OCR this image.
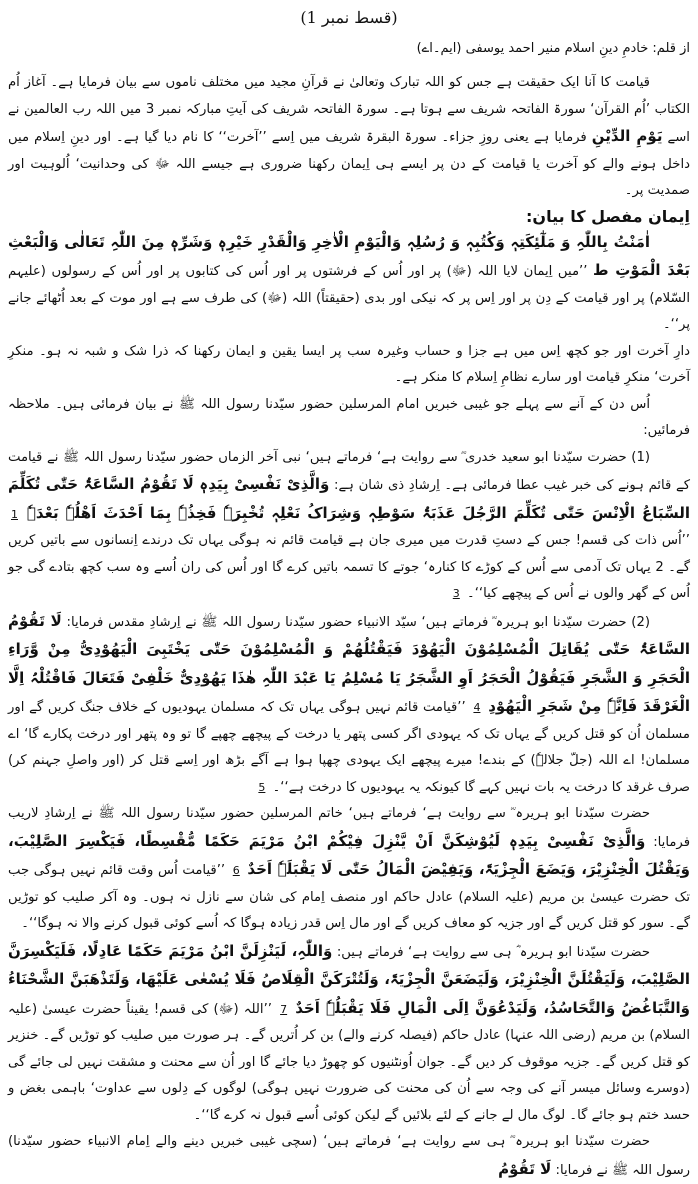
(قسط نمبر 1)
از قلم: خادمِ دینِ اسلام منیر احمد یوسفی (ایم۔اے)

قیامت کا آنا ایک حقیقت ہے جس کو اللہ تبارک وتعالیٰ نے قرآنِ مجید میں مختلف ناموں سے بیان فرمایا ہے۔ آغاز اُم الکتاب ’اُم القرآن‘ سورۃ الفاتحہ شریف سے ہوتا ہے۔ سورۃ الفاتحہ شریف کی آیتِ مبارکہ نمبر 3 میں اللہ رب العالمین نے اسے یَوْمِ الدِّیْنِ فرمایا ہے یعنی روزِ جزاء۔ سورۃ البقرۃ شریف میں اِسے ’’آخرت‘‘ کا نام دیا گیا ہے۔ اور دینِ اِسلام میں داخل ہونے والے کو آخرت یا قیامت کے دن پر ایسے ہی اِیمان رکھنا ضروری ہے جیسے اللہ ﷻ کی وحدانیت‘ اُلوہیت اور صمدیت پر۔

اِیمان مفصل کا بیان:

اٰمَنْتُ بِاللّٰہِ وَ مَلٰٓئِکَتِہٖ وَکُتُبِہٖ وَ رُسُلِہٖ وَالْیَوْمِ الْاٰخِرِ وَالْقَدْرِ خَیْرِہٖ وَشَرِّہٖ مِنَ اللّٰہِ تَعَالٰی وَالْبَعْثِ بَعْدَ الْمَوْتِ ط ’’میں اِیمان لایا اللہ (ﷻ) پر اور اُس کے فرشتوں پر اور اُس کی کتابوں پر اور اُس کے رسولوں (علیہم السّلام) پر اور قیامت کے دِن پر اور اِس پر کہ نیکی اور بدی (حقیقتاً) اللہ (ﷻ) کی طرف سے ہے اور موت کے بعد اُٹھائے جانے پر‘‘۔

دارِ آخرت اور جو کچھ اِس میں ہے جزا و حساب وغیرہ سب پر ایسا یقین و ایمان رکھنا کہ ذرا شک و شبہ نہ ہو۔ منکرِ آخرت‘ منکرِ قیامت اور سارے نظامِ اِسلام کا منکر ہے۔

اُس دن کے آنے سے پہلے جو غیبی خبریں امام المرسلین حضور سیّدنا رسول اللہ ﷺ نے بیان فرمائی ہیں۔ ملاحظہ فرمائیں:

(1) حضرت سیّدنا ابو سعید خدری ؓ سے روایت ہے‘ فرماتے ہیں‘ نبی آخر الزماں حضور سیّدنا رسول اللہ ﷺ نے قیامت کے قائم ہونے کی خبر غیب عطا فرمائی ہے۔ اِرشادِ ذی شان ہے: وَالَّذِیْ نَفْسِیْ بِیَدِہٖ لَا تَقُوْمُ السَّاعَۃُ حَتّٰی تُکَلِّمَ السِّبَاعُ الْاِنْسَ حَتّٰی تُکَلِّمَ الرَّجُلَ عَذَبَۃُ سَوْطِہٖ وَشِرَاکُ نَعْلِہٖ تُخْبِرَہٗ فَخِذُہٗ بِمَا اَحْدَثَ اَھْلُہٗ بَعْدَہٗ 1 ’’اُس ذات کی قسم! جس کے دستِ قدرت میں میری جان ہے قیامت قائم نہ ہوگی یہاں تک درندے اِنسانوں سے باتیں کریں گے۔ 2 یہاں تک آدمی سے اُس کے کوڑے کا کنارہ‘ جوتے کا تسمہ باتیں کرے گا اور اُس کی ران اُسے وہ سب کچھ بتادے گی جو اُس کے گھر والوں نے اُس کے پیچھے کیا‘‘۔ 3

(2) حضرت سیّدنا ابو ہریرہ ؓ فرماتے ہیں‘ سیّد الانبیاء حضور سیّدنا رسول اللہ ﷺ نے اِرشادِ مقدس فرمایا: لَا تَقُوْمُ السَّاعَۃُ حَتّٰی یُقَاتِلَ الْمُسْلِمُوْنَ الْیَھُوْدَ فَیَقْتُلُھُمْ وَ الْمُسْلِمُوْنَ حَتّٰی یَخْتَبِیَ الْیَھُوْدِیُّ مِنْ وَّرَاءِ الْحَجَرِ وَ الشَّجَرِ فَیَقُوْلُ الْحَجَرُ اَوِ الشَّجَرُ یَا مُسْلِمُ یَا عَبْدَ اللّٰہِ ھٰذَا یَھُوْدِیٌّ خَلْفِیْ فَتَعَالَ فَاقْتُلْہُ اِلَّا الْغَرْقَدَ فَاِنَّہٗ مِنْ شَجَرِ الْیَھُوْدِ 4 ’’قیامت قائم نہیں ہوگی یہاں تک کہ مسلمان یہودیوں کے خلاف جنگ کریں گے اور مسلمان اُن کو قتل کریں گے یہاں تک کہ یہودی اگر کسی پتھر یا درخت کے پیچھے چھپے گا تو وہ پتھر اور درخت پکارے گا‘ اے مسلمان! اے اللہ (جلّ جلالہٗ) کے بندے! میرے پیچھے ایک یہودی چھپا ہوا ہے آگے بڑھ اور اِسے قتل کر (اور واصلِ جہنم کر) صرف غرقد کا درخت یہ بات نہیں کہے گا کیونکہ یہ یہودیوں کا درخت ہے‘‘۔ 5

حضرت سیّدنا ابو ہریرہ ؓ سے روایت ہے‘ فرماتے ہیں‘ خاتم المرسلین حضور سیّدنا رسول اللہ ﷺ نے اِرشادِ لاریب فرمایا: وَالَّذِیْ نَفْسِیْ بِیَدِہٖ لَیُوْشِکَنَّ اَنْ یَّنْزِلَ فِیْکُمْ ابْنُ مَرْیَمَ حَکَمًا مُّقْسِطًا، فَیَکْسِرَ الصَّلِیْبَ، وَیَقْتُلَ الْخِنْزِیْرَ، وَیَضَعَ الْجِزْیَۃَ، وَیَفِیْضَ الْمَالُ حَتّٰی لَا یَقْبَلَہٗ اَحَدٌ 6 ’’قیامت اُس وقت قائم نہیں ہوگی جب تک حضرت عیسیٰ بن مریم (علیہ السلام) عادل حاکم اور منصف اِمام کی شان سے نازل نہ ہوں۔ وہ آکر صلیب کو توڑیں گے۔ سور کو قتل کریں گے اور جزیہ کو معاف کریں گے اور مال اِس قدر زیادہ ہوگا کہ اُسے کوئی قبول کرنے والا نہ ہوگا‘‘۔

حضرت سیّدنا ابو ہریرہ ؓ ہی سے روایت ہے‘ فرماتے ہیں: وَاللّٰہِ، لَیَنْزِلَنَّ ابْنُ مَرْیَمَ حَکَمًا عَادِلًا، فَلَیَکْسِرَنَّ الصَّلِیْبَ، وَلَیَقْتُلَنَّ الْخِنْزِیْرَ، وَلَیَضَعَنَّ الْجِزْیَۃَ، وَلَتُتْرَکَنَّ الْقِلَاصُ فَلَا یُسْعٰی عَلَیْھَا، وَلَتَذْھَبَنَّ الشَّحْنَاءُ وَالتَّبَاغُضُ وَالتَّحَاسُدُ، وَلَیَدْعُوَنَّ اِلَی الْمَالِ فَلَا یَقْبَلُہٗ اَحَدٌ 7 ’’اللہ (ﷻ) کی قسم! یقیناً حضرت عیسیٰ (علیہ السلام) بن مریم (رضی اللہ عنہا) عادل حاکم (فیصلہ کرنے والے) بن کر اُتریں گے۔ ہر صورت میں صلیب کو توڑیں گے۔ خنزیر کو قتل کریں گے۔ جزیہ موقوف کر دیں گے۔ جوان اُونٹنیوں کو چھوڑ دیا جائے گا اور اُن سے محنت و مشقت نہیں لی جائے گی (دوسرے وسائل میسر آنے کی وجہ سے اُن کی محنت کی ضرورت نہیں ہوگی) لوگوں کے دِلوں سے عداوت‘ باہمی بغض و حسد ختم ہو جائے گا۔ لوگ مال لے جانے کے لئے بلائیں گے لیکن کوئی اُسے قبول نہ کرے گا‘‘۔

حضرت سیّدنا ابو ہریرہ ؓ ہی سے روایت ہے‘ فرماتے ہیں‘ (سچی غیبی خبریں دینے والے اِمام الانبیاء حضور سیّدنا) رسول اللہ ﷺ نے فرمایا: لَا تَقُوْمُ
